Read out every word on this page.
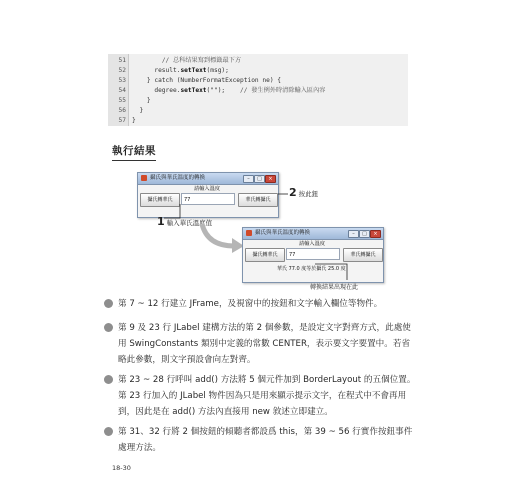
51	// 总科结果寫到標籤最下方
52      result.setText(msg);
53    } catch (NumberFormatException ne) {
54      degree.setText("");    // 發生例外時清除輸入區內容
55    }
56  }
57 }
執行結果
攝氏與華氏溫度的轉換	–	□	×
請輸入溫度
攝氏轉華氏	77	華氏轉攝氏
2 按此鈕
1 輸入華氏溫度值
攝氏與華氏溫度的轉換	–	□	×
請輸入溫度
攝氏轉華氏	77	華氏轉攝氏
華氏 77.0 度等於攝氏 25.0 度
轉換結果出現在此
第 7 ~ 12 行建立 JFrame，及視窗中的按鈕和文字輸入欄位等物件。
第 9 及 23 行 JLabel 建構方法的第 2 個參數，是設定文字對齊方式，此處使用 SwingConstants 類別中定義的常數 CENTER，表示要文字要置中。若省略此參數，則文字預設會向左對齊。
第 23 ~ 28 行呼叫 add() 方法將 5 個元件加到 BorderLayout 的五個位置。第 23 行加入的 JLabel 物件因為只是用來顯示提示文字，在程式中不會再用到，因此是在 add() 方法內直接用 new 敘述立即建立。
第 31、32 行將 2 個按鈕的傾聽者都設爲 this，第 39 ~ 56 行實作按鈕事件處理方法。
18-30
